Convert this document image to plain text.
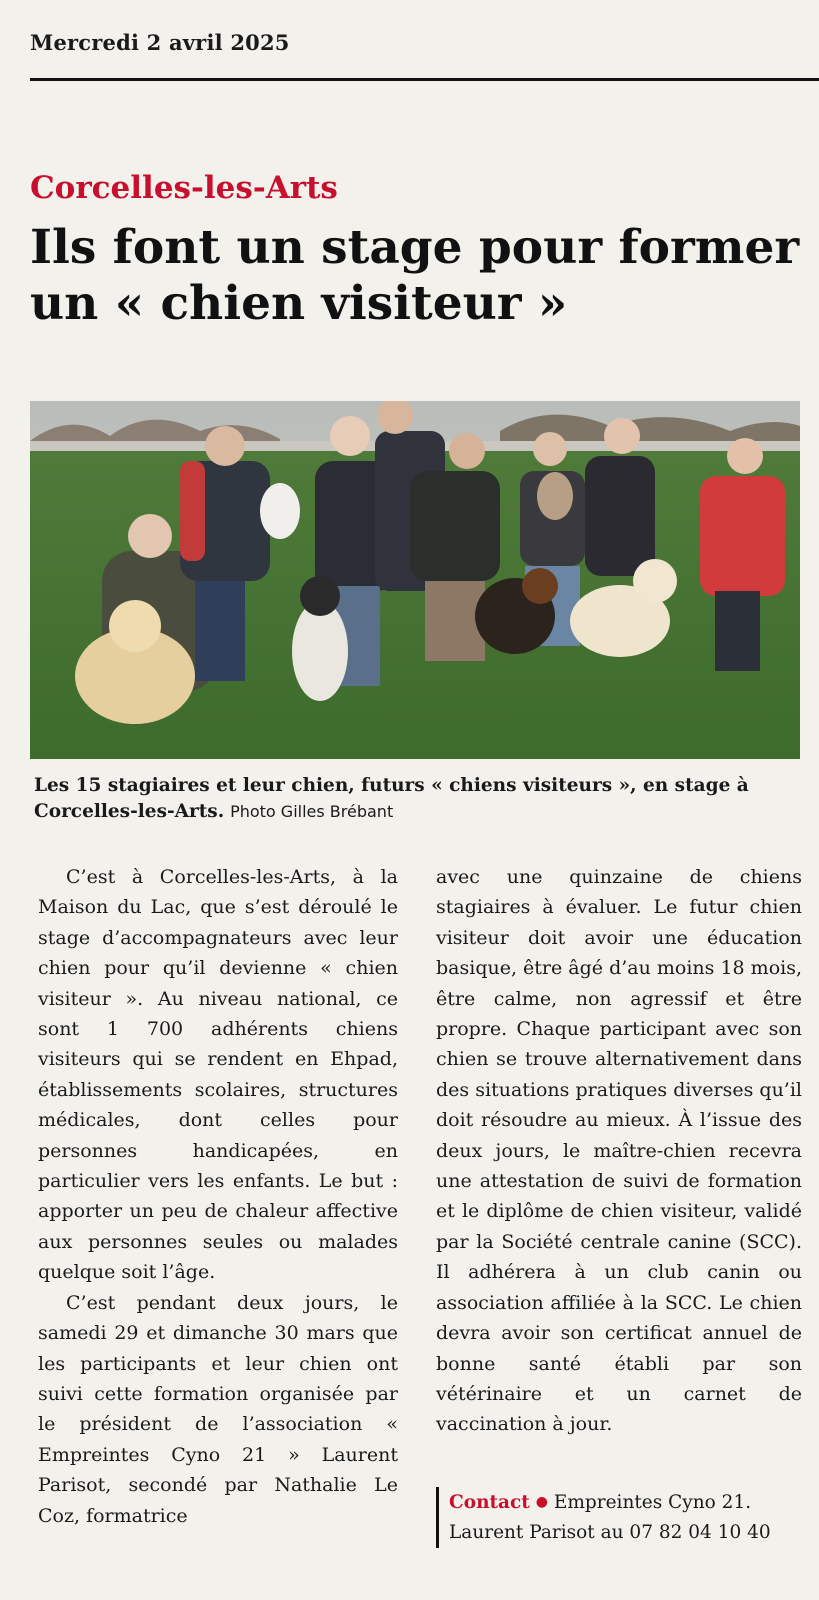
Mercredi 2 avril 2025
Corcelles-les-Arts
Ils font un stage pour former un « chien visiteur »
Les 15 stagiaires et leur chien, futurs « chiens visiteurs », en stage à Corcelles-les-Arts. Photo Gilles Brébant

C’est à Corcelles-les-Arts, à la Maison du Lac, que s’est déroulé le stage d’accompagnateurs avec leur chien pour qu’il devienne « chien visiteur ». Au niveau national, ce sont 1 700 adhérents chiens visiteurs qui se rendent en Ehpad, établissements scolaires, structures médicales, dont celles pour personnes handicapées, en particulier vers les enfants. Le but : apporter un peu de chaleur affective aux personnes seules ou malades quelque soit l’âge.

C’est pendant deux jours, le samedi 29 et dimanche 30 mars que les participants et leur chien ont suivi cette formation organisée par le président de l’association « Empreintes Cyno 21 » Laurent Parisot, secondé par Nathalie Le Coz, formatrice

avec une quinzaine de chiens stagiaires à évaluer. Le futur chien visiteur doit avoir une éducation basique, être âgé d’au moins 18 mois, être calme, non agressif et être propre. Chaque participant avec son chien se trouve alternativement dans des situations pratiques diverses qu’il doit résoudre au mieux. À l’issue des deux jours, le maître-chien recevra une attestation de suivi de formation et le diplôme de chien visiteur, validé par la Société centrale canine (SCC). Il adhérera à un club canin ou association affiliée à la SCC. Le chien devra avoir son certificat annuel de bonne santé établi par son vétérinaire et un carnet de vaccination à jour.

Contact ● Empreintes Cyno 21.
Laurent Parisot au 07 82 04 10 40
